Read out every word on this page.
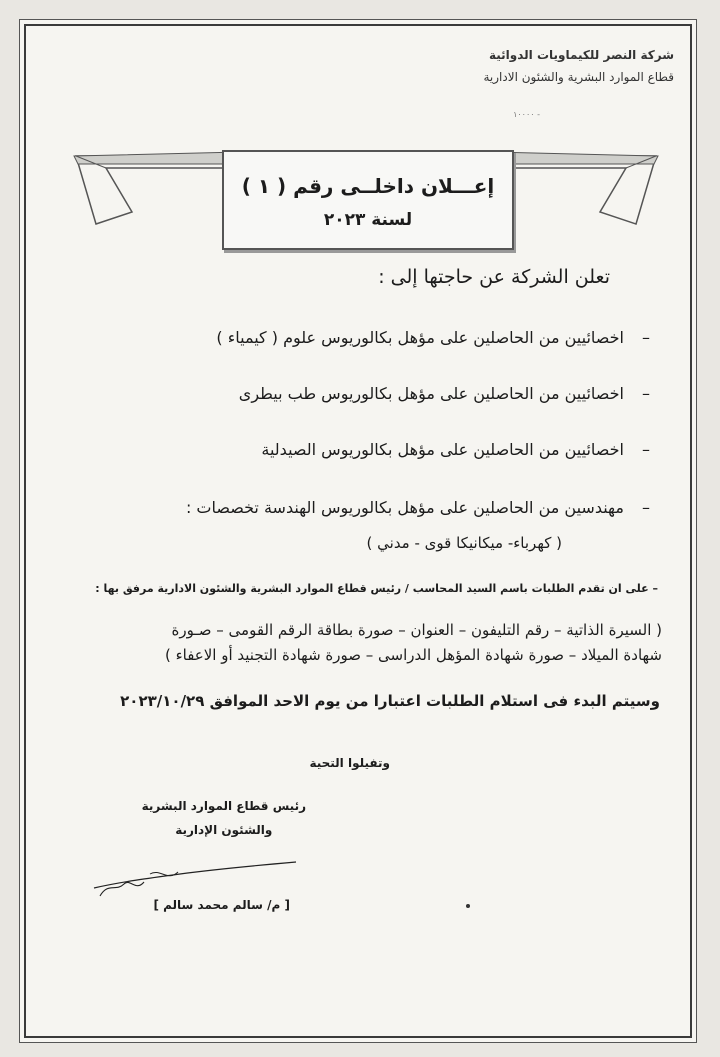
شركة النصر للكيماويات الدوائية
قطاع الموارد البشرية والشئون الادارية
- ١٠٠٠٠
إعـــلان داخلــى رقم ( ١ )
لسنة ٢٠٢٣
تعلن الشركة عن حاجتها إلى :
–اخصائيين من الحاصلين على مؤهل بكالوريوس علوم ( كيمياء )
–اخصائيين من الحاصلين على مؤهل بكالوريوس طب بيطرى
–اخصائيين من الحاصلين على مؤهل بكالوريوس الصيدلية
–مهندسين من الحاصلين على مؤهل بكالوريوس الهندسة تخصصات :
( كهرباء- ميكانيكا قوى - مدني )
– على ان تقدم الطلبات باسم السيد المحاسب / رئيس قطاع الموارد البشرية والشئون الادارية مرفق بها :
( السيرة الذاتية – رقم التليفون – العنوان – صورة بطاقة الرقم القومى – صـورة
شهادة الميلاد – صورة شهادة المؤهل الدراسى – صورة شهادة التجنيد أو الاعفاء )
وسيتم البدء فى استلام الطلبات اعتبارا من يوم الاحد الموافق ٢٠٢٣/١٠/٢٩
وتفيلوا التحية
رئيس قطاع الموارد البشرية
والشئون الإدارية
[ م/ سالم محمد سالم ]
